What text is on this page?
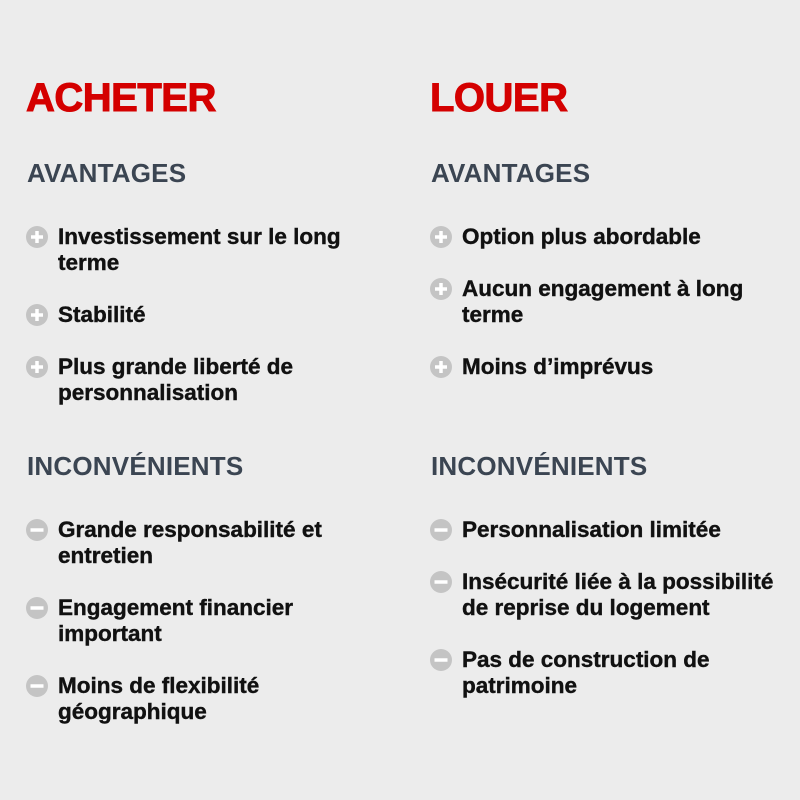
ACHETER
AVANTAGES
Investissement sur le long terme
Stabilité
Plus grande liberté de personnalisation
INCONVÉNIENTS
Grande responsabilité et entretien
Engagement financier important
Moins de flexibilité géographique
LOUER
AVANTAGES
Option plus abordable
Aucun engagement à long terme
Moins d’imprévus
INCONVÉNIENTS
Personnalisation limitée
Insécurité liée à la possibilité de reprise du logement
Pas de construction de patrimoine
